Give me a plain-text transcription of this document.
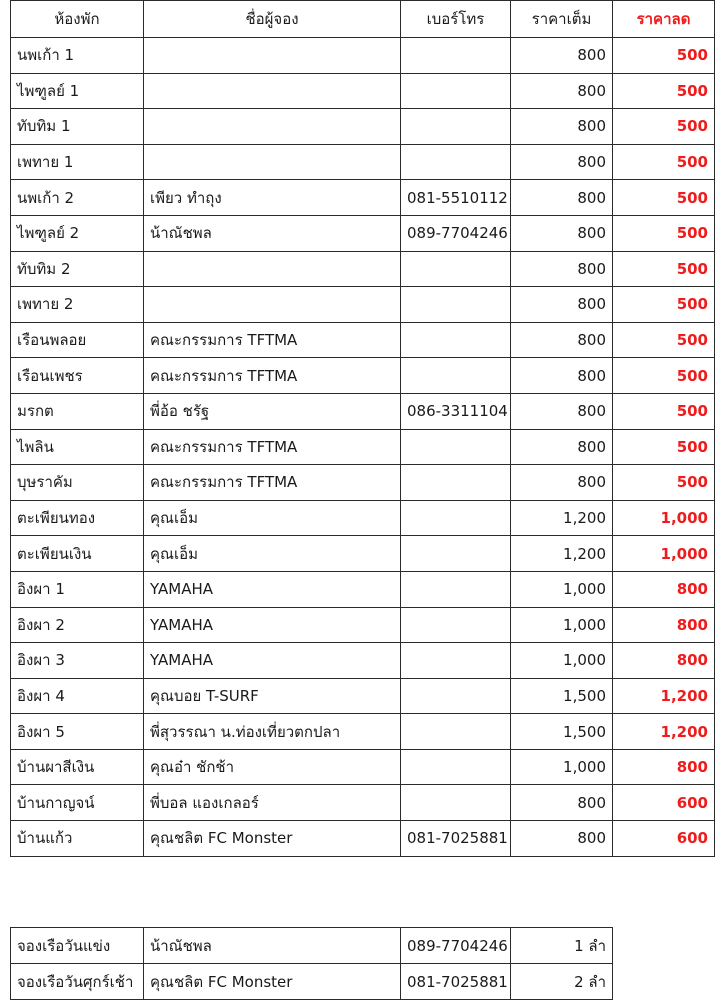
ห้องพัก	ชื่อผู้จอง	เบอร์โทร	ราคาเต็ม	ราคาลด
นพเก้า 1			800	500
ไพฑูลย์ 1			800	500
ทับทิม 1			800	500
เพทาย 1			800	500
นพเก้า 2	เพียว ทำถุง	081-5510112	800	500
ไพฑูลย์ 2	น้าณัชพล	089-7704246	800	500
ทับทิม 2			800	500
เพทาย 2			800	500
เรือนพลอย	คณะกรรมการ TFTMA		800	500
เรือนเพชร	คณะกรรมการ TFTMA		800	500
มรกต	พี่อ้อ ชรัฐ	086-3311104	800	500
ไพลิน	คณะกรรมการ TFTMA		800	500
บุษราคัม	คณะกรรมการ TFTMA		800	500
ตะเพียนทอง	คุณเอ็ม		1,200	1,000
ตะเพียนเงิน	คุณเอ็ม		1,200	1,000
อิงผา 1	YAMAHA		1,000	800
อิงผา 2	YAMAHA		1,000	800
อิงผา 3	YAMAHA		1,000	800
อิงผา 4	คุณบอย T-SURF		1,500	1,200
อิงผา 5	พี่สุวรรณา น.ท่องเที่ยวตกปลา		1,500	1,200
บ้านผาสีเงิน	คุณอ๋า ชักช้า		1,000	800
บ้านกาญจน์	พี่บอล แองเกลอร์		800	600
บ้านแก้ว	คุณชลิต FC Monster	081-7025881	800	600
จองเรือวันแข่ง	น้าณัชพล	089-7704246	1 ลำ
จองเรือวันศุกร์เช้า	คุณชลิต FC Monster	081-7025881	2 ลำ
